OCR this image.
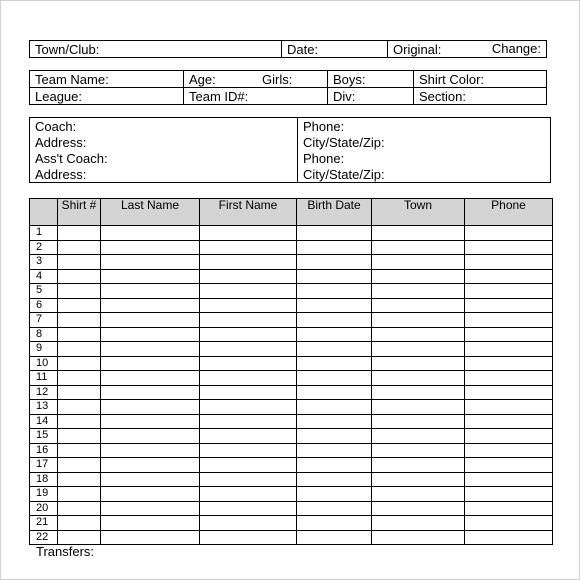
Town/Club:	Date:	Original:	Change:
Team Name:	Age:	Girls:	Boys:	Shirt Color:
League:	Team ID#:		Div:	Section:
Coach:	Phone:
Address:	City/State/Zip:
Ass't Coach:	Phone:
Address:	City/State/Zip:
	Shirt #	Last Name	First Name	Birth Date	Town	Phone
1						
2						
3						
4						
5						
6						
7						
8						
9						
10						
11						
12						
13						
14						
15						
16						
17						
18						
19						
20						
21						
22						
Transfers:
